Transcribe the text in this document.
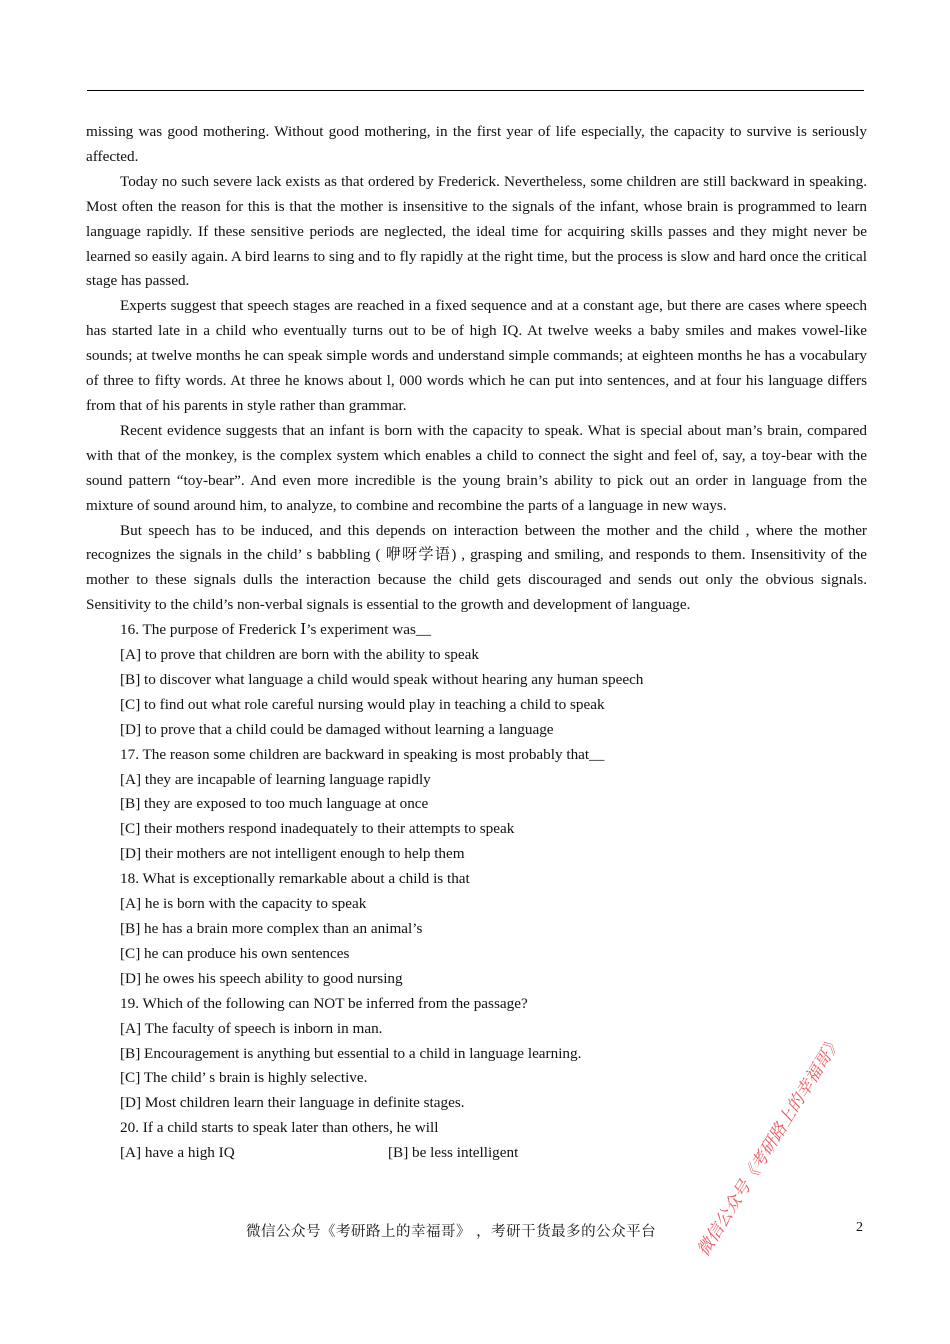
missing was good mothering. Without good mothering, in the first year of life especially, the capacity to survive is seriously affected.

Today no such severe lack exists as that ordered by Frederick. Nevertheless, some children are still backward in speaking. Most often the reason for this is that the mother is insensitive to the signals of the infant, whose brain is programmed to learn language rapidly. If these sensitive periods are neglected, the ideal time for acquiring skills passes and they might never be learned so easily again. A bird learns to sing and to fly rapidly at the right time, but the process is slow and hard once the critical stage has passed.

Experts suggest that speech stages are reached in a fixed sequence and at a constant age, but there are cases where speech has started late in a child who eventually turns out to be of high IQ. At twelve weeks a baby smiles and makes vowel-like sounds; at twelve months he can speak simple words and understand simple commands; at eighteen months he has a vocabulary of three to fifty words. At three he knows about l, 000 words which he can put into sentences, and at four his language differs from that of his parents in style rather than grammar.

Recent evidence suggests that an infant is born with the capacity to speak. What is special about man’s brain, compared with that of the monkey, is the complex system which enables a child to connect the sight and feel of, say, a toy-bear with the sound pattern “toy-bear”. And even more incredible is the young brain’s ability to pick out an order in language from the mixture of sound around him, to analyze, to combine and recombine the parts of a language in new ways.

But speech has to be induced, and this depends on interaction between the mother and the child , where the mother recognizes the signals in the child’ s babbling ( 咿呀学语) , grasping and smiling, and responds to them. Insensitivity of the mother to these signals dulls the interaction because the child gets discouraged and sends out only the obvious signals. Sensitivity to the child’s non-verbal signals is essential to the growth and development of language.

16. The purpose of Frederick Ⅰ’s experiment was__

[A] to prove that children are born with the ability to speak

[B] to discover what language a child would speak without hearing any human speech

[C] to find out what role careful nursing would play in teaching a child to speak

[D] to prove that a child could be damaged without learning a language

17. The reason some children are backward in speaking is most probably that__

[A] they are incapable of learning language rapidly

[B] they are exposed to too much language at once

[C] their mothers respond inadequately to their attempts to speak

[D] their mothers are not intelligent enough to help them

18. What is exceptionally remarkable about a child is that

[A] he is born with the capacity to speak

[B] he has a brain more complex than an animal’s

[C] he can produce his own sentences

[D] he owes his speech ability to good nursing

19. Which of the following can NOT be inferred from the passage?

[A] The faculty of speech is inborn in man.

[B] Encouragement is anything but essential to a child in language learning.

[C] The child’ s brain is highly selective.

[D] Most children learn their language in definite stages.

20. If a child starts to speak later than others, he will

[A] have a high IQ	[B] be less intelligent
微信公众号《考研路上的幸福哥》 ，考研干货最多的公众平台	2
微信公众号《考研路上的幸福哥》
